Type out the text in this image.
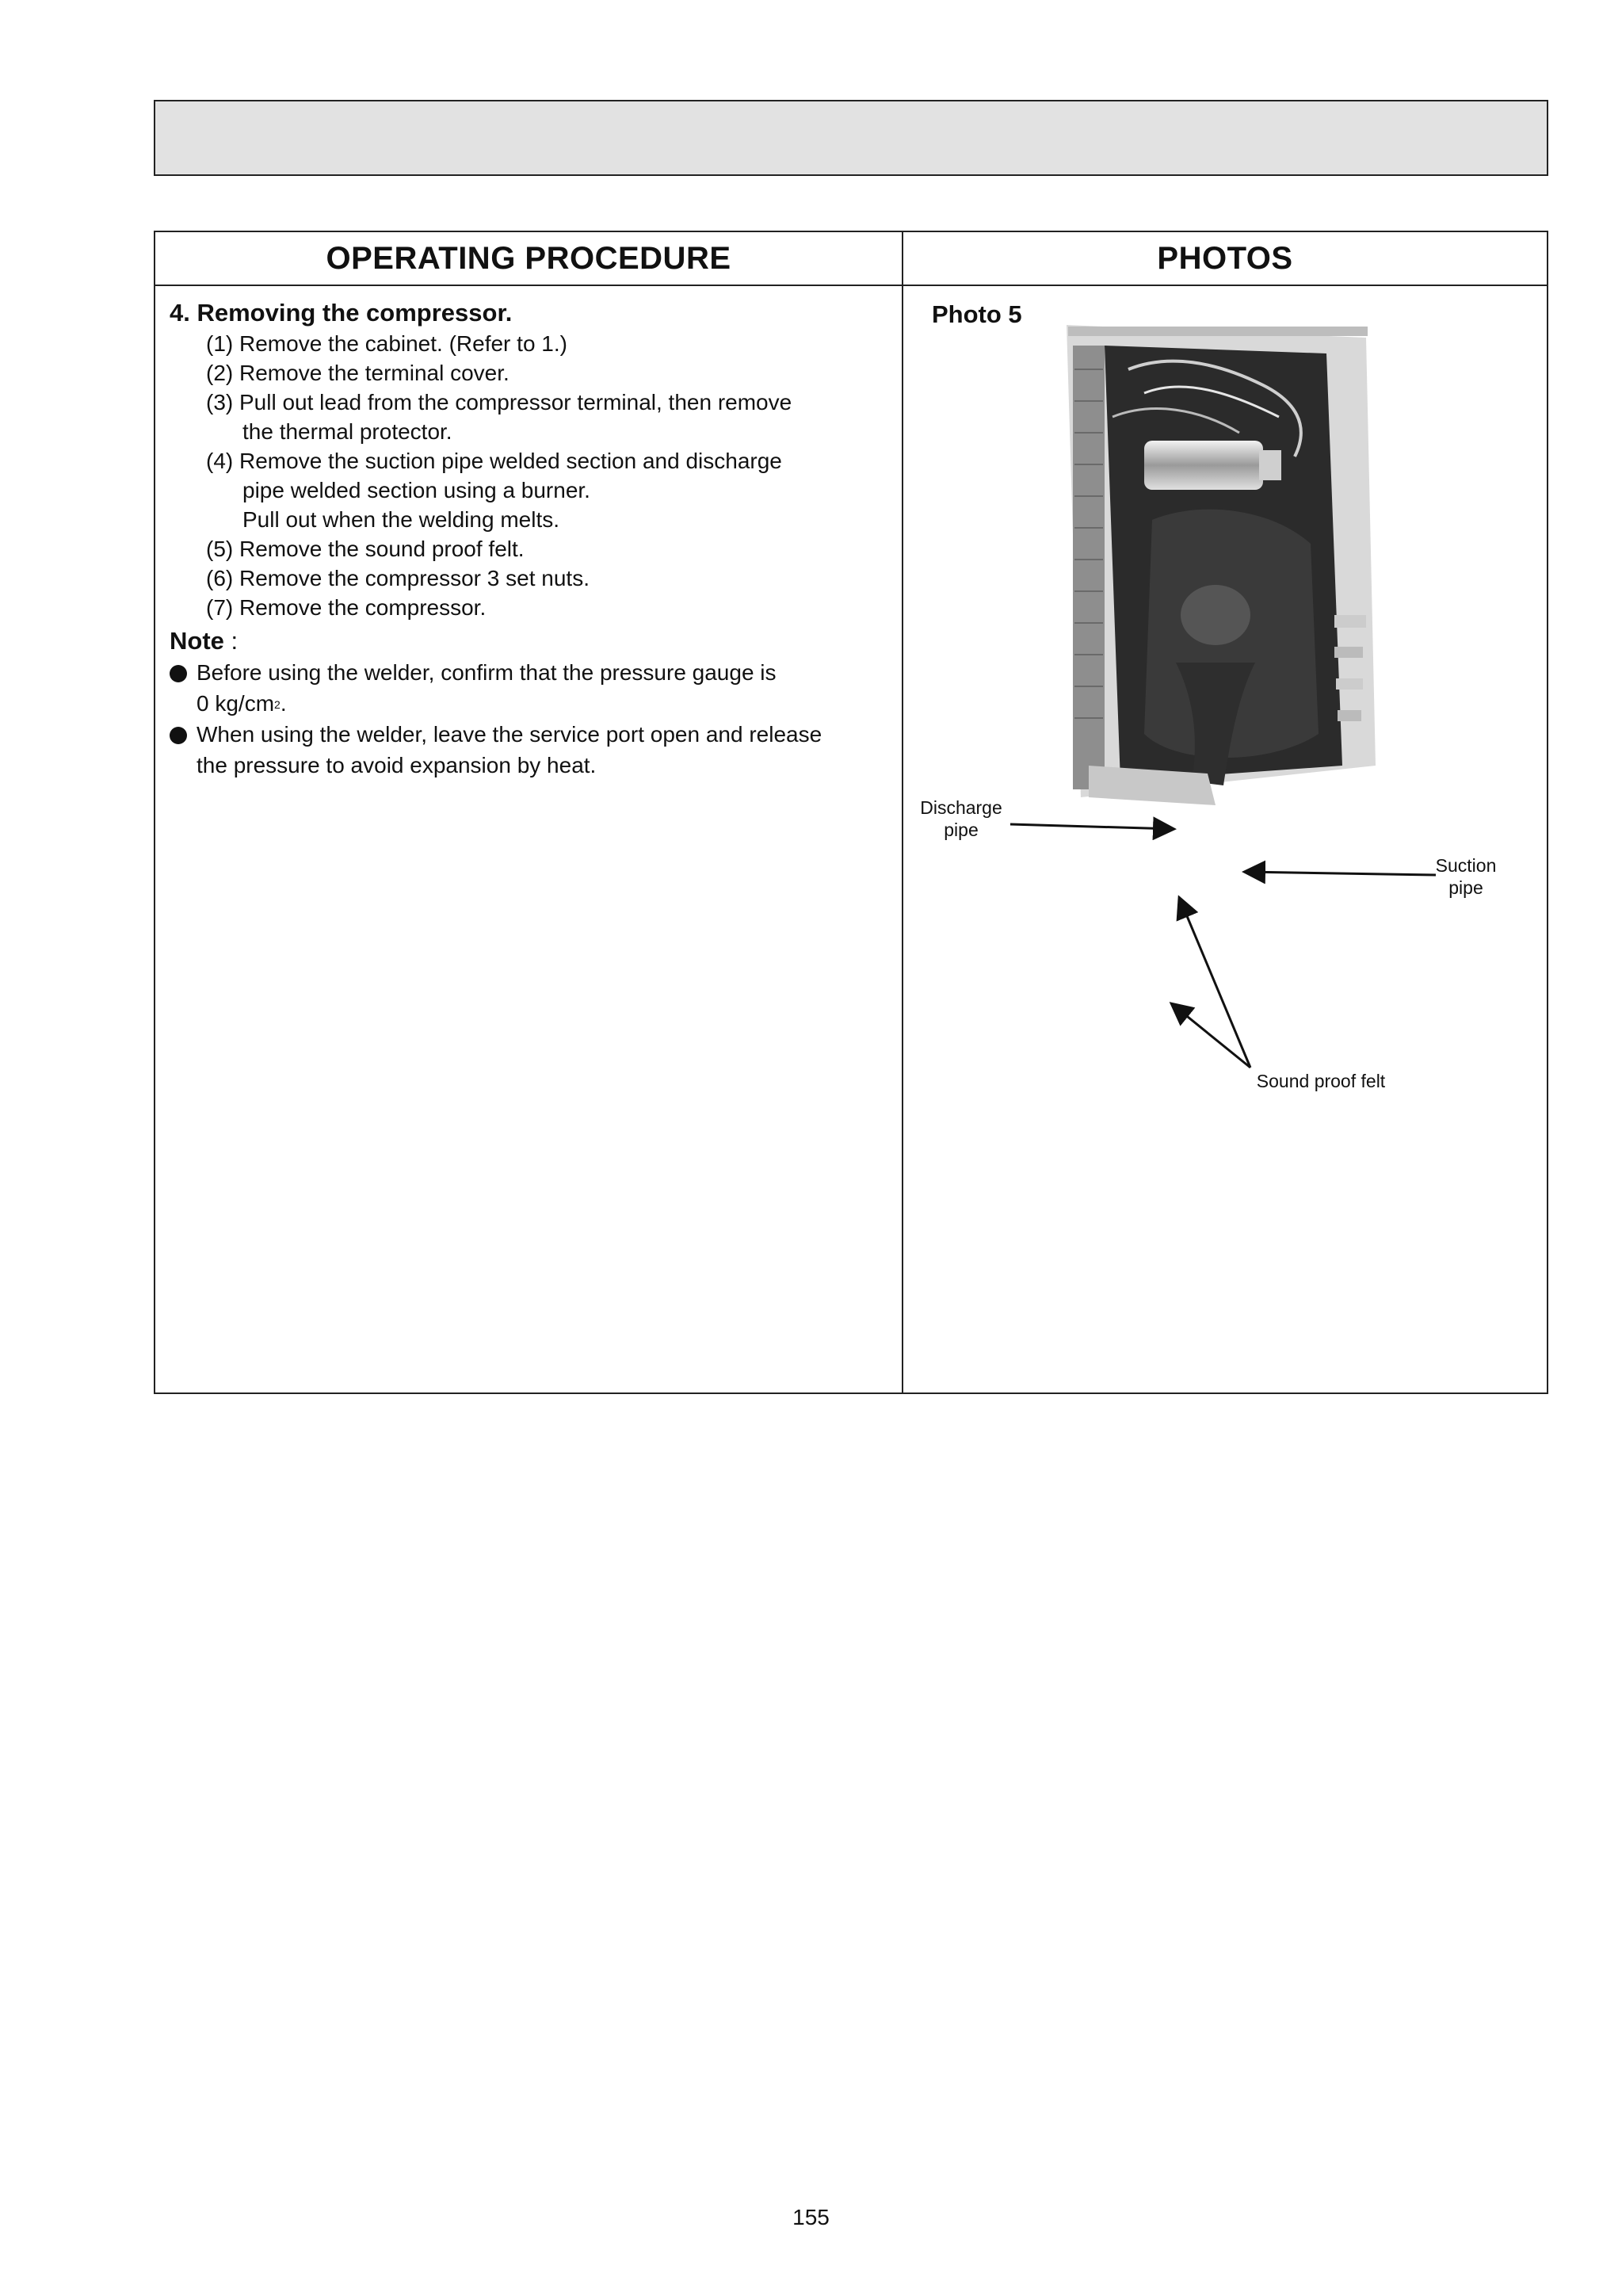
OPERATING PROCEDURE	PHOTOS
4. Removing the compressor.
(1) Remove the cabinet. (Refer to 1.)
(2) Remove the terminal cover.
(3) Pull out lead from the compressor terminal, then remove
the thermal protector.
(4) Remove the suction pipe welded section and discharge
pipe welded section using a burner.
Pull out when the welding melts.
(5) Remove the sound proof felt.
(6) Remove the compressor 3 set nuts.
(7) Remove the compressor.
Note :
Before using the welder, confirm that the pressure gauge is
0 $kg/cm^2$.
When using the welder, leave the service port open and release
the pressure to avoid expansion by heat.
Photo 5
Discharge
pipe
Suction
pipe
Sound proof felt
155
